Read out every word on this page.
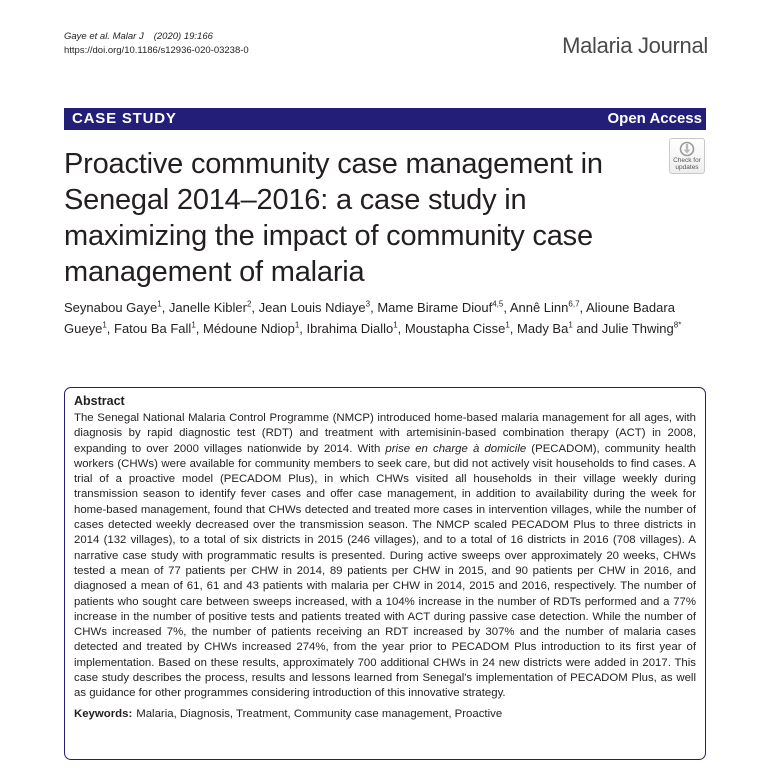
Gaye et al. Malar J (2020) 19:166
https://doi.org/10.1186/s12936-020-03238-0	Malaria Journal
CASE STUDY	Open Access
Check for
updates
Proactive community case management in Senegal 2014–2016: a case study in maximizing the impact of community case management of malaria
Seynabou Gaye$^1$, Janelle Kibler$^2$, Jean Louis Ndiaye$^3$, Mame Birame Diouf$^{4,5}$, Annê Linn$^{6,7}$, Alioune Badara Gueye$^1$, Fatou Ba Fall$^1$, Médoune Ndiop$^1$, Ibrahima Diallo$^1$, Moustapha Cisse$^1$, Mady Ba$^1$ and Julie Thwing$^{8*}$
Abstract

The Senegal National Malaria Control Programme (NMCP) introduced home-based malaria management for all ages, with diagnosis by rapid diagnostic test (RDT) and treatment with artemisinin-based combination therapy (ACT) in 2008, expanding to over 2000 villages nationwide by 2014. With prise en charge à domicile (PECADOM), community health workers (CHWs) were available for community members to seek care, but did not actively visit households to find cases. A trial of a proactive model (PECADOM Plus), in which CHWs visited all households in their village weekly during transmission season to identify fever cases and offer case management, in addition to availability during the week for home-based management, found that CHWs detected and treated more cases in intervention villages, while the number of cases detected weekly decreased over the transmission season. The NMCP scaled PECADOM Plus to three districts in 2014 (132 villages), to a total of six districts in 2015 (246 villages), and to a total of 16 districts in 2016 (708 villages). A narrative case study with programmatic results is presented. During active sweeps over approximately 20 weeks, CHWs tested a mean of 77 patients per CHW in 2014, 89 patients per CHW in 2015, and 90 patients per CHW in 2016, and diagnosed a mean of 61, 61 and 43 patients with malaria per CHW in 2014, 2015 and 2016, respectively. The number of patients who sought care between sweeps increased, with a 104% increase in the number of RDTs performed and a 77% increase in the number of positive tests and patients treated with ACT during passive case detection. While the number of CHWs increased 7%, the number of patients receiving an RDT increased by 307% and the number of malaria cases detected and treated by CHWs increased 274%, from the year prior to PECADOM Plus introduction to its first year of implementation. Based on these results, approximately 700 additional CHWs in 24 new districts were added in 2017. This case study describes the process, results and lessons learned from Senegal's implementation of PECADOM Plus, as well as guidance for other programmes considering introduction of this innovative strategy.

Keywords: Malaria, Diagnosis, Treatment, Community case management, Proactive
